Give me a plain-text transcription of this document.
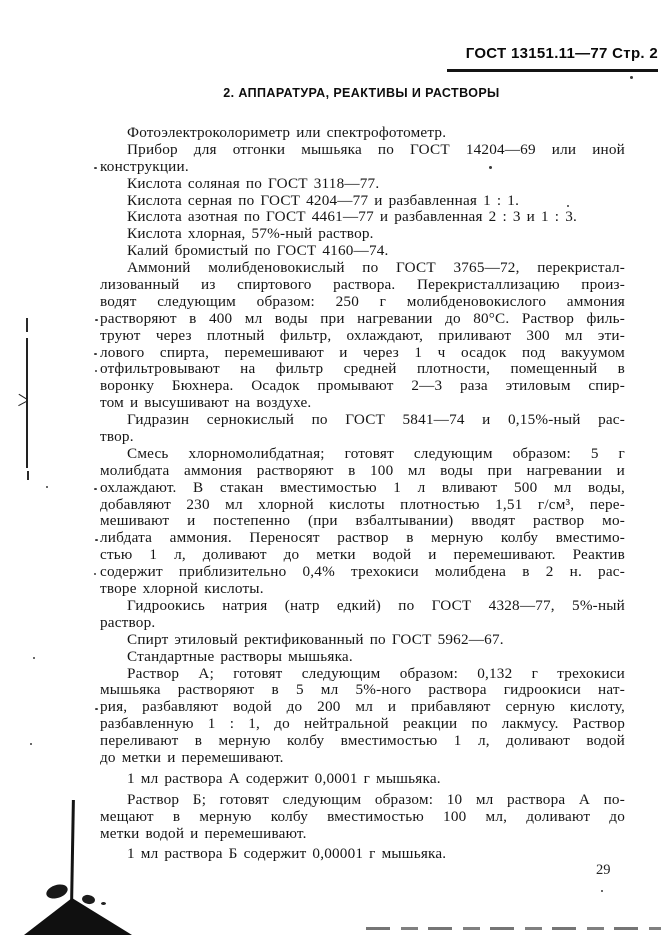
ГОСТ 13151.11—77 Стр. 2
2. АППАРАТУРА, РЕАКТИВЫ И РАСТВОРЫ
Фотоэлектроколориметр или спектрофотометр.
Прибор для отгонки мышьяка по ГОСТ 14204—69 или иной
конструкции.
Кислота соляная по ГОСТ 3118—77.
Кислота серная по ГОСТ 4204—77 и разбавленная 1 : 1.
Кислота азотная по ГОСТ 4461—77 и разбавленная 2 : 3 и 1 : 3.
Кислота хлорная, 57%-ный раствор.
Калий бромистый по ГОСТ 4160—74.
Аммоний молибденовокислый по ГОСТ 3765—72, перекристал-
лизованный из спиртового раствора. Перекристаллизацию произ-
водят следующим образом: 250 г молибденовокислого аммония
растворяют в 400 мл воды при нагревании до 80°С. Раствор филь-
труют через плотный фильтр, охлаждают, приливают 300 мл эти-
лового спирта, перемешивают и через 1 ч осадок под вакуумом
отфильтровывают на фильтр средней плотности, помещенный в
воронку Бюхнера. Осадок промывают 2—3 раза этиловым спир-
том и высушивают на воздухе.
Гидразин сернокислый по ГОСТ 5841—74 и 0,15%-ный рас-
твор.
Смесь хлорномолибдатная; готовят следующим образом: 5 г
молибдата аммония растворяют в 100 мл воды при нагревании и
охлаждают. В стакан вместимостью 1 л вливают 500 мл воды,
добавляют 230 мл хлорной кислоты плотностью 1,51 г/см³, пере-
мешивают и постепенно (при взбалтывании) вводят раствор мо-
либдата аммония. Переносят раствор в мерную колбу вместимо-
стью 1 л, доливают до метки водой и перемешивают. Реактив
содержит приблизительно 0,4% трехокиси молибдена в 2 н. рас-
творе хлорной кислоты.
Гидроокись натрия (натр едкий) по ГОСТ 4328—77, 5%-ный
раствор.
Спирт этиловый ректификованный по ГОСТ 5962—67.
Стандартные растворы мышьяка.
Раствор А; готовят следующим образом: 0,132 г трехокиси
мышьяка растворяют в 5 мл 5%-ного раствора гидроокиси нат-
рия, разбавляют водой до 200 мл и прибавляют серную кислоту,
разбавленную 1 : 1, до нейтральной реакции по лакмусу. Раствор
переливают в мерную колбу вместимостью 1 л, доливают водой
до метки и перемешивают.
1 мл раствора А содержит 0,0001 г мышьяка.
Раствор Б; готовят следующим образом: 10 мл раствора А по-
мещают в мерную колбу вместимостью 100 мл, доливают до
метки водой и перемешивают.
1 мл раствора Б содержит 0,00001 г мышьяка.
29
